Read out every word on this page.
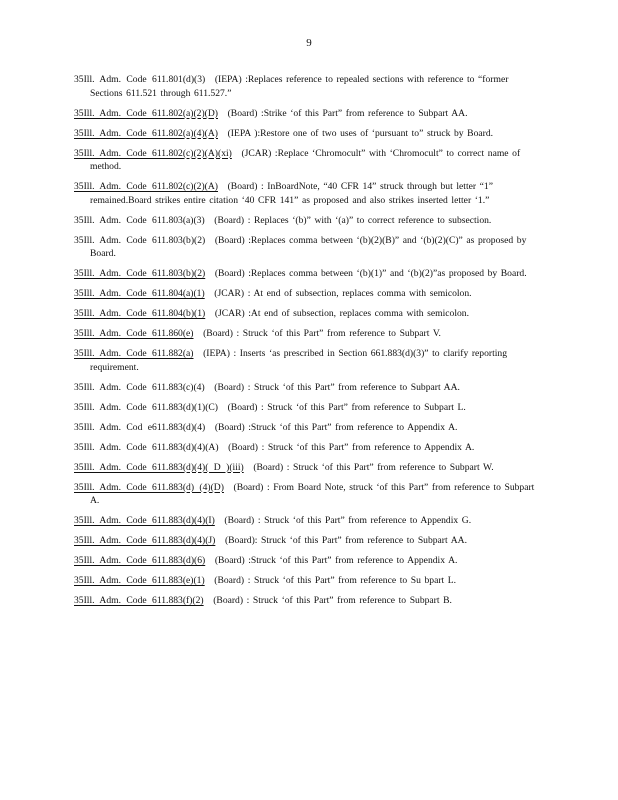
9

35Ill. Adm. Code 611.801(d)(3)  (IEPA) :Replaces reference to repealed sections with reference to “former Sections 611.521 through 611.527.”

35Ill. Adm. Code 611.802(a)(2)(D)  (Board) :Strike ‘of this Part” from reference to Subpart AA.

35Ill. Adm. Code 611.802(a)(4)(A)  (IEPA ):Restore one of two uses of ‘pursuant to” struck by Board.

35Ill. Adm. Code 611.802(c)(2)(A)(xi)  (JCAR) :Replace ‘Chromocult” with ‘Chromocult” to correct name of method.

35Ill. Adm. Code 611.802(c)(2)(A)  (Board) : InBoardNote, “40 CFR 14” struck through but letter “1” remained.Board strikes entire citation ‘40 CFR 141” as proposed and also strikes inserted letter ‘1.”

35Ill. Adm. Code 611.803(a)(3)  (Board) : Replaces ‘(b)” with ‘(a)” to correct reference to subsection.

35Ill. Adm. Code 611.803(b)(2)  (Board) :Replaces comma between ‘(b)(2)(B)” and ‘(b)(2)(C)” as proposed by Board.

35Ill. Adm. Code 611.803(b)(2)  (Board) :Replaces comma between ‘(b)(1)” and ‘(b)(2)”as proposed by Board.

35Ill. Adm. Code 611.804(a)(1)  (JCAR) : At end of subsection, replaces comma with semicolon.

35Ill. Adm. Code 611.804(b)(1)  (JCAR) :At end of subsection, replaces comma with semicolon.

35Ill. Adm. Code 611.860(e)  (Board) : Struck ‘of this Part” from reference to Subpart V.

35Ill. Adm. Code 611.882(a)  (IEPA) : Inserts ‘as prescribed in Section 661.883(d)(3)” to clarify reporting requirement.

35Ill. Adm. Code 611.883(c)(4)  (Board) : Struck ‘of this Part” from reference to Subpart AA.

35Ill. Adm. Code 611.883(d)(1)(C)  (Board) : Struck ‘of this Part” from reference to Subpart L.

35Ill. Adm. Cod e611.883(d)(4)  (Board) :Struck ‘of this Part” from reference to Appendix A.

35Ill. Adm. Code 611.883(d)(4)(A)  (Board) : Struck ‘of this Part” from reference to Appendix A.

35Ill. Adm. Code 611.883(d)(4)( D )(iii)  (Board) : Struck ‘of this Part” from reference to Subpart W.

35Ill. Adm. Code 611.883(d) (4)(D)  (Board) : From Board Note, struck ‘of this Part” from reference to Subpart A.

35Ill. Adm. Code 611.883(d)(4)(I)  (Board) : Struck ‘of this Part” from reference to Appendix G.

35Ill. Adm. Code 611.883(d)(4)(J)  (Board): Struck ‘of this Part” from reference to Subpart AA.

35Ill. Adm. Code 611.883(d)(6)  (Board) :Struck ‘of this Part” from reference to Appendix A.

35Ill. Adm. Code 611.883(e)(1)  (Board) : Struck ‘of this Part” from reference to Su bpart L.

35Ill. Adm. Code 611.883(f)(2)  (Board) : Struck ‘of this Part” from reference to Subpart B.
